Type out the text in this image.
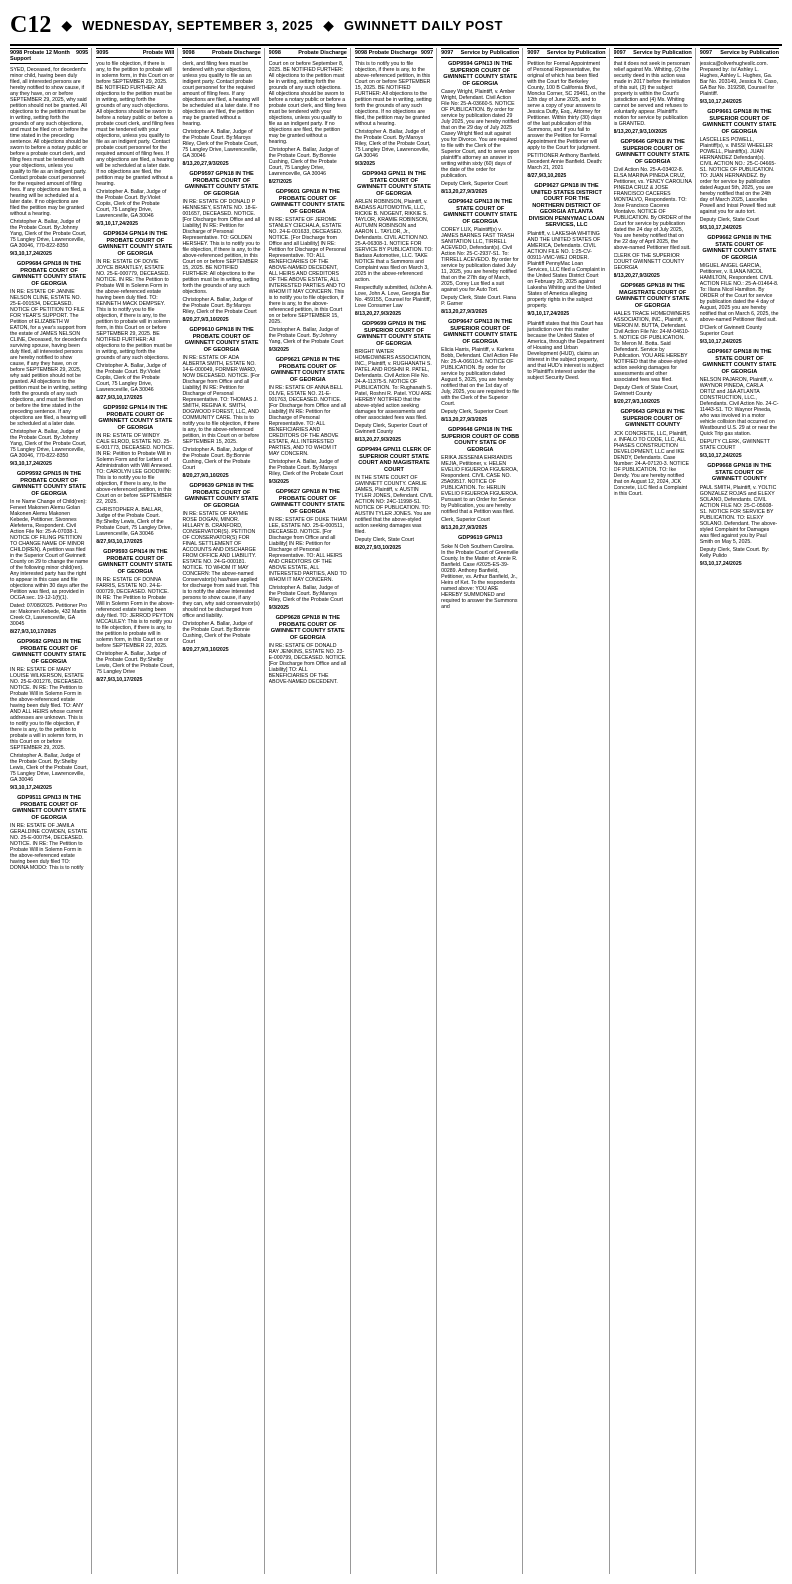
C12 ◆ WEDNESDAY, SEPTEMBER 3, 2025 ◆ GWINNETT DAILY POST
9098 Probate 12 Month Support
9095
SYED, Deceased, for decedent's minor child, having been duly filed, all interested persons are hereby notified to show cause, if any they have, on or before SEPTEMBER 29, 2025, why said petition should not be granted. All objections to the petition must be in writing, setting forth the grounds of any such objections, and must be filed on or before the time stated in the preceding sentence. All objections should be sworn to before a notary public or before a probate court clerk, and filing fees must be tendered with your objections, unless you qualify to file as an indigent party. Contact probate court personnel for the required amount of filing fees. If any objections are filed, a hearing will be scheduled at a later date. If no objections are filed the petition may be granted without a hearing.
Christopher A. Ballar, Judge of the Probate Court. By:Johnny Yang, Clerk of the Probate Court, 75 Langley Drive, Lawrenceville, GA 30046, 770-822-8350
9/3,10,17,24/2025
GDP9684 GPN18 IN THE PROBATE COURT OF GWINNETT COUNTY STATE OF GEORGIA
IN RE: ESTATE OF JANNIE NELSON CLINE, ESTATE NO. 25-E-001534, DECEASED. NOTICE OF PETITION TO FILE FOR YEAR'S SUPPORT. The Petition of ELIZABETH W EATON, for a year's support from the estate of JAMES NELSON CLINE, Deceased, for decedent's surviving spouse, having been duly filed, all interested persons are hereby notified to show cause, if any they have, on or before SEPTEMBER 29, 2025, why said petition should not be granted. All objections to the petition must be in writing, setting forth the grounds of any such objections, and must be filed on or before the time stated in the preceding sentence. If any objections are filed, a hearing will be scheduled at a later date.
Christopher A. Ballar, Judge of the Probate Court. By:Johnny Yang, Clerk of the Probate Court, 75 Langley Drive, Lawrenceville, GA 30046, 770-822-8350
9/3,10,17,24/2025
GDP9592 GPN15 IN THE PROBATE COURT OF GWINNETT COUNTY STATE OF GEORGIA
In re Name Change of Child(ren): Feneet Makonen Alemu Golan Makonen Alemu Makonen Kebede, Petitioner. Sivonnes Alefeterra, Respondent. Civil Action File No: 25-A-07038-1. NOTICE OF FILING PETITION TO CHANGE NAME OF MINOR CHILD(REN). A petition was filed in the Superior Court of Gwinnett County on 29 to change the name of the following minor child(ren). Any interested party has the right to appear in this case and file objections within 30 days after the Petition was filed, as provided in OCGA sec. 19-12-1(f)(1).
Dated: 07/08/2025. Petitioner Pro se: Makonen Kebede, 432 Martin Creek Ct, Lawrenceville, GA 30045
8/27,9/3,10,17/2025
GDP9682 GPN13 IN THE PROBATE COURT OF GWINNETT COUNTY STATE OF GEORGIA
IN RE: ESTATE OF MARY LOUISE WILKERSON, ESTATE NO. 25-E-001276, DECEASED. NOTICE. IN RE: The Petition to Probate Will in Solemn Form in the above-referenced estate having been duly filed. TO: ANY AND ALL HEIRS whose current addresses are unknown. This is to notify you to file objection, if there is any, to the petition to probate a will in solemn form, in this Court on or before SEPTEMBER 29, 2025.
Christopher A. Ballar, Judge of the Probate Court. By:Shelby Lewis, Clerk of the Probate Court, 75 Langley Drive, Lawrenceville, GA 30046
9/3,10,17,24/2025
GDP9511 GPN13 IN THE PROBATE COURT OF GWINNETT COUNTY STATE OF GEORGIA
IN RE: ESTATE OF JAMILA GERALDINE COWDEN, ESTATE NO. 25-E-000754, DECEASED. NOTICE. IN RE: The Petition to Probate Will in Solemn Form in the above-referenced estate having been duly filed TO: DONNA MODO: This is to notify
9095	Probate Will
you to file objection, if there is any, to the petition to probate will in solemn form, in this Court on or before SEPTEMBER 29, 2025. BE NOTIFIED FURTHER: All objections to the petition must be in writing, setting forth the grounds of any such objections. All objections should be sworn to before a notary public or before a probate court clerk, and filing fees must be tendered with your objections, unless you qualify to file as an indigent party. Contact probate court personnel for the required amount of filing fees. If any objections are filed, a hearing will be scheduled at a later date. If no objections are filed, the petition may be granted without a hearing.
Christopher A. Ballar, Judge of the Probate Court. By:Violet Copiis, Clerk of the Probate Court, 75 Langley Drive, Lawrenceville, GA 30046
9/3,10,17,24/2025
GDP9634 GPN14 IN THE PROBATE COURT OF GWINNETT COUNTY STATE OF GEORGIA
IN RE: ESTATE OF DOVIE JOYCE BRANTLEY, ESTATE NO. 25-E-000779, DECEASED. NOTICE. IN RE: The Petition to Probate Will in Solemn Form in the above-referenced estate having been duly filed. TO: KENNETH MACK DEMPSEY. This is to notify you to file objection, if there is any, to the petition to probate will in solemn form, in this Court on or before SEPTEMBER 29, 2025. BE NOTIFIED FURTHER: All objections to the petition must be in writing, setting forth the grounds of any such objections.
Christopher A. Ballar, Judge of the Probate Court. By:Violet Copiis, Clerk of the Probate Court, 75 Langley Drive, Lawrenceville, GA 30046
8/27,9/3,10,17/2025
GDP9592 GPN14 IN THE PROBATE COURT OF GWINNETT COUNTY STATE OF GEORGIA
IN RE: ESTATE OF WINDY CALE ELROD, ESTATE NO. 25-E-001773, DECEASED. NOTICE. IN RE: Petition to Probate Will in Solemn Form and for Letters of Administration with Will Annexed. TO: CAROLYN LEE GOODWIN: This is to notify you to file objection, if there is any, to the above-referenced petition, in this Court on or before SEPTEMBER 22, 2025.
CHRISTOPHER A. BALLAR, Judge of the Probate Court. By:Shelby Lewis, Clerk of the Probate Court, 75 Langley Drive, Lawrenceville, GA 30046
8/27,9/3,10,17/2025
GDP9593 GPN14 IN THE PROBATE COURT OF GWINNETT COUNTY STATE OF GEORGIA
IN RE: ESTATE OF DONNA FARRIS, ESTATE NO. 24-E-000729, DECEASED. NOTICE. IN RE: The Petition to Probate Will in Solemn Form in the above-referenced estate having been duly filed. TO: JERROD PEYTON MCCAULEY: This is to notify you to file objection, if there is any, to the petition to probate will in solemn form, in this Court on or before SEPTEMBER 22, 2025.
Christopher A. Ballar, Judge of the Probate Court. By:Shelby Lewis, Clerk of the Probate Court, 75 Langley Drive
8/27,9/3,10,17/2025
9098	Probate Discharge
clerk, and filing fees must be tendered with your objections, unless you qualify to file as an indigent party. Contact probate court personnel for the required amount of filing fees. If any objections are filed, a hearing will be scheduled at a later date. If no objections are filed, the petition may be granted without a hearing.
Christopher A. Ballar, Judge of the Probate Court. By:Maroys Riley, Clerk of the Probate Court, 75 Langley Drive, Lawrenceville, GA 30046
8/13,20,27,9/3/2025
GDP9597 GPN18 IN THE PROBATE COURT OF GWINNETT COUNTY STATE OF GEORGIA
IN RE: ESTATE OF DONALD P HENNESEY, ESTATE NO. 18-E-001657, DECEASED. NOTICE. [For Discharge from Office and all Liability] IN RE: Petition for Discharge of Personal Representative. TO: GOLDEN HERSHEY. This is to notify you to file objection, if there is any, to the above-referenced petition, in this Court on or before SEPTEMBER 15, 2025. BE NOTIFIED FURTHER: All objections to the petition must be in writing, setting forth the grounds of any such objections.
Christopher A. Ballar, Judge of the Probate Court. By:Maroys Riley, Clerk of the Probate Court
8/20,27,9/3,10/2025
GDP9610 GPN18 IN THE PROBATE COURT OF GWINNETT COUNTY STATE OF GEORGIA
IN RE: ESTATE OF ADA ALBERTA SMITH, ESTATE NO. 14-E-000049, FORMER WARD, NOW DECEASED. NOTICE. [For Discharge from Office and all Liability] IN RE: Petition for Discharge of Personal Representative. TO: THOMAS J. SMITH, REGINA K. SMITH, DOGWOOD FOREST, LLC, AND COMMUNITY CARE. This is to notify you to file objection, if there is any, to the above-referenced petition, in this Court on or before SEPTEMBER 15, 2025.
Christopher A. Ballar, Judge of the Probate Court. By:Bonnie Cushing, Clerk of the Probate Court
8/20,27,9/3,10/2025
GDP9639 GPN18 IN THE PROBATE COURT OF GWINNETT COUNTY STATE OF GEORGIA
IN RE: ESTATE OF RAYMIE ROSE DOGAN, MINOR. HILLARY B. CRANFORD, CONSERVATOR(S). PETITION OF CONSERVATOR(S) FOR FINAL SETTLEMENT OF ACCOUNTS AND DISCHARGE FROM OFFICE AND LIABILITY. ESTATE NO. 24-G-000181. NOTICE. TO WHOM IT MAY CONCERN: The above-named Conservator(s) has/have applied for discharge from said trust. This is to notify the above interested persons to show cause, if any they can, why said conservator(s) should not be discharged from office and liability.
Christopher A. Ballar, Judge of the Probate Court. By:Bonnie Cushing, Clerk of the Probate Court
8/20,27,9/3,10/2025
9098	Probate Discharge
Court on or before September 8, 2025. BE NOTIFIED FURTHER: All objections to the petition must be in writing, setting forth the grounds of any such objections. All objections should be sworn to before a notary public or before a probate court clerk, and filing fees must be tendered with your objections, unless you qualify to file as an indigent party. If no objections are filed, the petition may be granted without a hearing.
Christopher A. Ballar, Judge of the Probate Court. By:Bonnie Cushing, Clerk of the Probate Court, 75 Langley Drive, Lawrenceville, GA 30046
8/27/2025
GDP9601 GPN18 IN THE PROBATE COURT OF GWINNETT COUNTY STATE OF GEORGIA
IN RE: ESTATE OF JEROME STANLEY CIECHALA, ESTATE NO. 24-E-001633, DECEASED. NOTICE. [For Discharge from Office and all Liability] IN RE: Petition for Discharge of Personal Representative. TO: ALL BENEFICIARIES OF THE ABOVE-NAMED DECEDENT, ALL HEIRS AND CREDITORS OF THE ABOVE ESTATE, ALL INTERESTED PARTIES AND TO WHOM IT MAY CONCERN. This is to notify you to file objection, if there is any, to the above-referenced petition, in this Court on or before SEPTEMBER 15, 2025.
Christopher A. Ballar, Judge of the Probate Court. By:Johnny Yang, Clerk of the Probate Court
9/3/2025
GDP9621 GPN18 IN THE PROBATE COURT OF GWINNETT COUNTY STATE OF GEORGIA
IN RE: ESTATE OF ANNA BELL OLIVE, ESTATE NO. 21-E-001763, DECEASED. NOTICE. [For Discharge from Office and all Liability] IN RE: Petition for Discharge of Personal Representative. TO: ALL BENEFICIARIES AND CREDITORS OF THE ABOVE ESTATE, ALL INTERESTED PARTIES, AND TO WHOM IT MAY CONCERN.
Christopher A. Ballar, Judge of the Probate Court. By:Maroys Riley, Clerk of the Probate Court
9/3/2025
GDP9627 GPN18 IN THE PROBATE COURT OF GWINNETT COUNTY STATE OF GEORGIA
IN RE: ESTATE OF DUKE THIAM LEE, ESTATE NO. 25-E-000511, DECEASED. NOTICE. [For Discharge from Office and all Liability] IN RE: Petition for Discharge of Personal Representative. TO: ALL HEIRS AND CREDITORS OF THE ABOVE ESTATE, ALL INTERESTED PARTIES, AND TO WHOM IT MAY CONCERN.
Christopher A. Ballar, Judge of the Probate Court. By:Maroys Riley, Clerk of the Probate Court
9/3/2025
GDP9628 GPN18 IN THE PROBATE COURT OF GWINNETT COUNTY STATE OF GEORGIA
IN RE: ESTATE OF DONALD RAY JENKINS, ESTATE NO. 23-E-000799, DECEASED. NOTICE. [For Discharge from Office and all Liability] TO: ALL BENEFICIARIES OF THE ABOVE-NAMED DECEDENT.
9098 Probate Discharge 9097
This is to notify you to file objection, if there is any, to the above-referenced petition, in this Court on or before SEPTEMBER 15, 2025. BE NOTIFIED FURTHER: All objections to the petition must be in writing, setting forth the grounds of any such objections. If no objections are filed, the petition may be granted without a hearing.
Christopher A. Ballar, Judge of the Probate Court. By:Maroys Riley, Clerk of the Probate Court, 75 Langley Drive, Lawrenceville, GA 30046
9/3/2025
GDP9043 GPN11 IN THE STATE COURT OF GWINNETT COUNTY STATE OF GEORGIA
ARLEN ROBINSON, Plaintiff, v. BADASS AUTOMOTIVE, LLC, RICKIE B. NOGENT, RIKKIE S. TAYLOR, KRAMIE ROBINSON, AUTUMN ROBINSON and AARON L. TAYLOR, Jr., Defendants. CIVIL ACTION NO. 25-A-06308-1. NOTICE FOR SERVICE BY PUBLICATION. TO: Badass Automotive, LLC. TAKE NOTICE that a Summons and Complaint was filed on March 3, 2025 in the above-referenced action.
Respectfully submitted, /s/John A. Love, John A. Love, Georgia Bar No. 459155, Counsel for Plaintiff, Love Consumer Law
8/13,20,27,9/3/2025
GDP9699 GPN19 IN THE SUPERIOR COURT OF GWINNETT COUNTY STATE OF GEORGIA
BRIGHT WATER HOMEOWNERS ASSOCIATION, INC., Plaintiff, v. RUGHANATH S. PATEL AND ROSHNI R. PATEL, Defendants. Civil Action File No. 24-A-11375-5. NOTICE OF PUBLICATION. To: Rughanath S. Patel, Roshni R. Patel. YOU ARE HEREBY NOTIFIED that the above-styled action seeking damages for assessments and other associated fees was filed.
Deputy Clerk, Superior Court of Gwinnett County
8/13,20,27,9/3/2025
GDP9494 GPN11 CLERK OF SUPERIOR COURT STATE COURT AND MAGISTRATE COURT
IN THE STATE COURT OF GWINNETT COUNTY. CARLIE JAMES, Plaintiff, v. AUSTIN TYLER JONES, Defendant. CIVIL ACTION NO: 24C-11998-S1. NOTICE OF PUBLICATION. TO: AUSTIN TYLER JONES. You are notified that the above-styled action seeking damages was filed.
Deputy Clerk, State Court
8/20,27,9/3,10/2025
9097 Service by Publication
GDP9594 GPN13 IN THE SUPERIOR COURT OF GWINNETT COUNTY STATE OF GEORGIA
Casey Wright, Plaintiff, v. Amber Wright, Defendant. Civil Action File No: 25-A-03660-5. NOTICE OF PUBLICATION. By order for service by publication dated 29 July 2025, you are hereby notified that on the 29 day of July 2025 Casey Wright filed suit against you for Divorce. You are required to file with the Clerk of the Superior Court, and to serve upon plaintiff's attorney an answer in writing within sixty (60) days of the date of the order for publication.
Deputy Clerk, Superior Court
8/13,20,27,9/3/2025
GDP9642 GPN13 IN THE STATE COURT OF GWINNETT COUNTY STATE OF GEORGIA
COREY LUX, Plaintiff(s) v. JAMES BARNES FAST TRASH SANITATION LLC, TIRRELL ACEVEDO, Defendant(s). Civil Action No: 25-C-2937-S1. To: TIRRELL ACEVEDO. By order for service by publication dated July 11, 2025, you are hereby notified that on the 27th day of March, 2025, Corey Lux filed a suit against you for Auto Tort.
Deputy Clerk, State Court. Fiana P. Garner
8/13,20,27,9/3/2025
GDP9647 GPN13 IN THE SUPERIOR COURT OF GWINNETT COUNTY STATE OF GEORGIA
Elicia Harris, Plaintiff, v. Karlens Bobb, Defendant. Civil Action File No: 25-A-06610-6. NOTICE OF PUBLICATION. By order for service by publication dated August 5, 2025, you are hereby notified that on the 1st day of July, 2025, you are required to file with the Clerk of the Superior Court.
Deputy Clerk, Superior Court
8/13,20,27,9/3/2025
GDP9648 GPN18 IN THE SUPERIOR COURT OF COBB COUNTY STATE OF GEORGIA
ERIKA JESSENIA EHRIANDIS MEJIA, Petitioner, v. HELEN EVELIO FIGUEROA FIGUEROA, Respondent. CIVIL CASE NO. 25A09517. NOTICE OF PUBLICATION. To: HERLIN EVELIO FIGUEROA FIGUEROA. Pursuant to an Order for Service by Publication, you are hereby notified that a Petition was filed.
Clerk, Superior Court
8/13,20,27,9/3/2025
GDP9619 GPN13
Soke N Ooh Southern Carolina. In the Probate Court of Greenville County. In the Matter of: Annie R. Banfield. Case #2025-ES-39-00289. Anthony Banfield, Petitioner, vs. Arthur Banfield, Jr., Heirs of Ket. To the respondents named above: YOU ARE HEREBY SUMMONED and required to answer the Summons and
9097 Service by Publication
Petition for Formal Appointment of Personal Representative, the original of which has been filed with the Court for Berkeley County, 100 B California Blvd., Moncks Corner, SC 29461, on the 12th day of June 2025, and to serve a copy of your answers to Jessica Duffy, Esq., Attorney for Petitioner. Within thirty (30) days of the last publication of this Summons, and if you fail to answer the Petition for Formal Appointment the Petitioner will apply to the Court for judgment.
PETITIONER Anthony Banfield. Decedent Annie Banfield. Death: March 21, 2021
8/27,9/3,10,2025
GDP9627 GPN18 IN THE UNITED STATES DISTRICT COURT FOR THE NORTHERN DISTRICT OF GEORGIA ATLANTA DIVISION PENNYMAC LOAN SERVICES, LLC
Plaintiff, v. LAKESHA WHITING AND THE UNITED STATES OF AMERICA, Defendants. CIVIL ACTION FILE NO. 1:25-CV-00911-VMC-WEJ ORDER. Plaintiff PennyMac Loan Services, LLC filed a Complaint in the United States District Court on February 20, 2025 against Lakesha Whiting and the United States of America alleging property rights in the subject property.
9/3,10,17,24/2025
Plaintiff states that this Court has jurisdiction over this matter because the United States of America, through the Department of Housing and Urban Development (HUD), claims an interest in the subject property, and that HUD's interest is subject to Plaintiff's interest under the subject Security Deed.
9097 Service by Publication
that it does not seek in personam relief against Ms. Whiting, (2) the security deed in this action was made in 2017 before the initiation of this suit, (3) the subject property is within the Court's jurisdiction and (4) Ms. Whiting cannot be served and refuses to voluntarily appear. Plaintiff's motion for service by publication is GRANTED.
8/13,20,27,9/3,10/2025
GDP9646 GPN18 IN THE SUPERIOR COURT OF GWINNETT COUNTY STATE OF GEORGIA
Civil Action No. 25-A-03402-8. ELSA MARINA PINEDA CRUZ, Petitioner, vs. YENCY CAROLINA PINEDA CRUZ & JOSE FRANCISCO CACERES MONTALVO, Respondents. TO: Jose Francisco Caceres Montalvo. NOTICE OF PUBLICATION. By ORDER of the Court for service by publication dated the 24 day of July 2025, You are hereby notified that on the 22 day of April 2025, the above-named Petitioner filed suit.
CLERK OF THE SUPERIOR COURT GWINNETT COUNTY GEORGIA
8/13,20,27,9/3/2025
GDP9685 GPN18 IN THE MAGISTRATE COURT OF GWINNETT COUNTY STATE OF GEORGIA
HALES TRACE HOMEOWNERS ASSOCIATION, INC., Plaintiff, v. MERON M. BUTTA, Defendant. Civil Action File No: 24-M-04610-5. NOTICE OF PUBLICATION. To: Meron M. Botta. Said Defendant. Service by Publication. YOU ARE HEREBY NOTIFIED that the above-styled action seeking damages for assessments and other associated fees was filed.
Deputy Clerk of State Court, Gwinnett County
8/20,27,9/3,10/2025
GDP9643 GPN18 IN THE SUPERIOR COURT OF GWINNETT COUNTY
JCK CONCRETE, LLC, Plaintiff, v. INFALO TO CODE, LLC, ALL PHASES CONSTRUCTION DEVELOPMENT, LLC and IKE DENDY, Defendants. Case Number: 24-A-07120-3. NOTICE OF PUBLICATION. TO: Ike Dendy. You are hereby notified that on August 12, 2024, JCK Concrete, LLC filed a Complaint in this Court.
9097 Service by Publication
jessica@oliverhughesllc.com. Prepared by: /s/ Ashley L. Hughes, Ashley L. Hughes, Ga. Bar No. 203149, Jessica N. Caso, GA Bar No. 319298, Counsel for Plaintiff.
9/3,10,17,24/2025
GDP9661 GPN18 IN THE SUPERIOR COURT OF GWINNETT COUNTY STATE OF GEORGIA
LASCELLES POWELL, Plaintiff(s), v. INISSI WHEELER POWELL, Plaintiff(s). JUAN HERNANDEZ Defendant(s). CIVIL ACTION NO.: 25-C-04665-S1. NOTICE OF PUBLICATION. TO: JUAN HERNANDEZ. By order for service by publication dated August 5th, 2025, you are hereby notified that on the 24th day of March 2025, Lascelles Powell and Inissi Powell filed suit against you for auto tort.
Deputy Clerk, State Court
9/3,10,17,24/2025
GDP9662 GPN18 IN THE STATE COURT OF GWINNETT COUNTY STATE OF GEORGIA
MIGUEL ANGEL GARCIA, Petitioner, v. ILIANA NICOL HAMILTON, Respondent. CIVIL ACTION FILE NO.: 25-A-01464-8. To: Iliana Nicol Hamilton. By ORDER of the Court for service by publication dated the 4 day of August, 2025 you are hereby notified that on March 6, 2025, the above-named Petitioner filed suit.
D'Clerk of Gwinnett County Superior Court
9/3,10,17,24/2025
GDP9667 GPN18 IN THE STATE COURT OF GWINNETT COUNTY STATE OF GEORGIA
NELSON PAJARON, Plaintiff, v. WAYNOR PINEDA, CARLA ORTIZ and J&A ATLANTA CONSTRUCTION, LLC., Defendants. Civil Action No. 24-C-11443-S1. TO: Waynor Pineda, who was involved in a motor vehicle collision that occurred on Westbound U.S. 29 at or near the Quick Trip gas station.
DEPUTY CLERK, GWINNETT STATE COURT
9/3,10,17,24/2025
GDP9668 GPN18 IN THE STATE COURT OF GWINNETT COUNTY
PAUL SMITH, Plaintiff, v. YOLTIC GONZALEZ ROJAS and ELEXY SOLANO, Defendants. CIVIL ACTION FILE NO: 25-C-05608-S1. NOTICE FOR SERVICE BY PUBLICATION. TO: ELEXY SOLANO. Defendant. The above-styled Complaint for Damages was filed against you by Paul Smith on May 5, 2025.
Deputy Clerk, State Court. By: Kelly Pulido
9/3,10,17,24/2025
